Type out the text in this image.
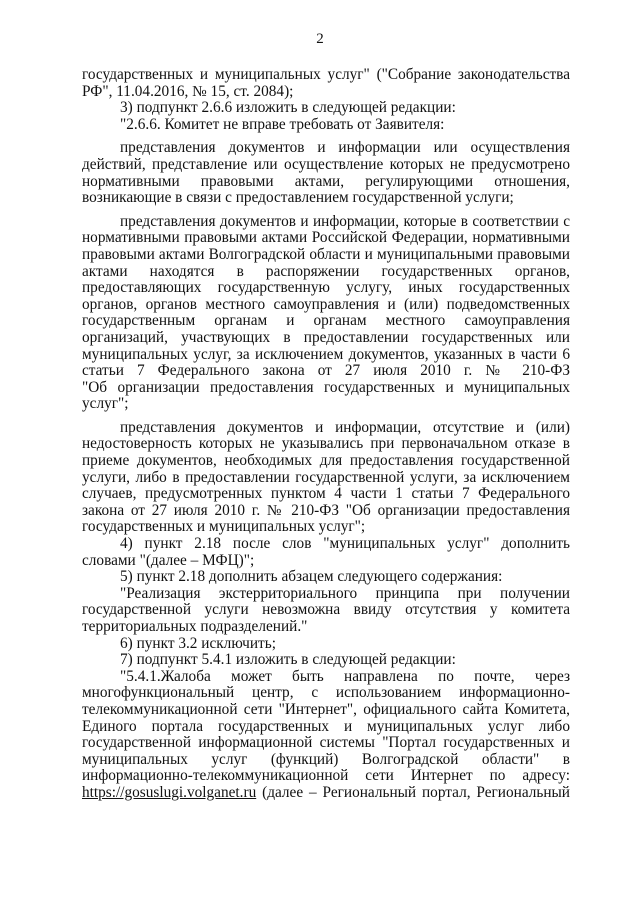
2
государственных и муниципальных услуг" ("Собрание законодательства
РФ", 11.04.2016, № 15, ст. 2084);
3) подпункт 2.6.6 изложить в следующей редакции:
"2.6.6. Комитет не вправе требовать от Заявителя:
представления документов и информации или осуществления
действий, представление или осуществление которых не предусмотрено
нормативными правовыми актами, регулирующими отношения,
возникающие в связи с предоставлением государственной услуги;
представления документов и информации, которые в соответствии с
нормативными правовыми актами Российской Федерации, нормативными
правовыми актами Волгоградской области и муниципальными правовыми
актами находятся в распоряжении государственных органов,
предоставляющих государственную услугу, иных государственных
органов, органов местного самоуправления и (или) подведомственных
государственным органам и органам местного самоуправления
организаций, участвующих в предоставлении государственных или
муниципальных услуг, за исключением документов, указанных в части 6
статьи 7 Федерального закона от 27 июля 2010 г. № 210-ФЗ
"Об организации предоставления государственных и муниципальных
услуг";
представления документов и информации, отсутствие и (или)
недостоверность которых не указывались при первоначальном отказе в
приеме документов, необходимых для предоставления государственной
услуги, либо в предоставлении государственной услуги, за исключением
случаев, предусмотренных пунктом 4 части 1 статьи 7 Федерального
закона от 27 июля 2010 г. № 210-ФЗ "Об организации предоставления
государственных и муниципальных услуг";
4) пункт 2.18 после слов "муниципальных услуг" дополнить
словами "(далее – МФЦ)";
5) пункт 2.18 дополнить абзацем следующего содержания:
"Реализация экстерриториального принципа при получении
государственной услуги невозможна ввиду отсутствия у комитета
территориальных подразделений."
6) пункт 3.2 исключить;
7) подпункт 5.4.1 изложить в следующей редакции:
"5.4.1.Жалоба может быть направлена по почте, через
многофункциональный центр, с использованием информационно-
телекоммуникационной сети "Интернет", официального сайта Комитета,
Единого портала государственных и муниципальных услуг либо
государственной информационной системы "Портал государственных и
муниципальных услуг (функций) Волгоградской области" в
информационно-телекоммуникационной сети Интернет по адресу:
https://gosuslugi.volganet.ru (далее – Региональный портал, Региональный
